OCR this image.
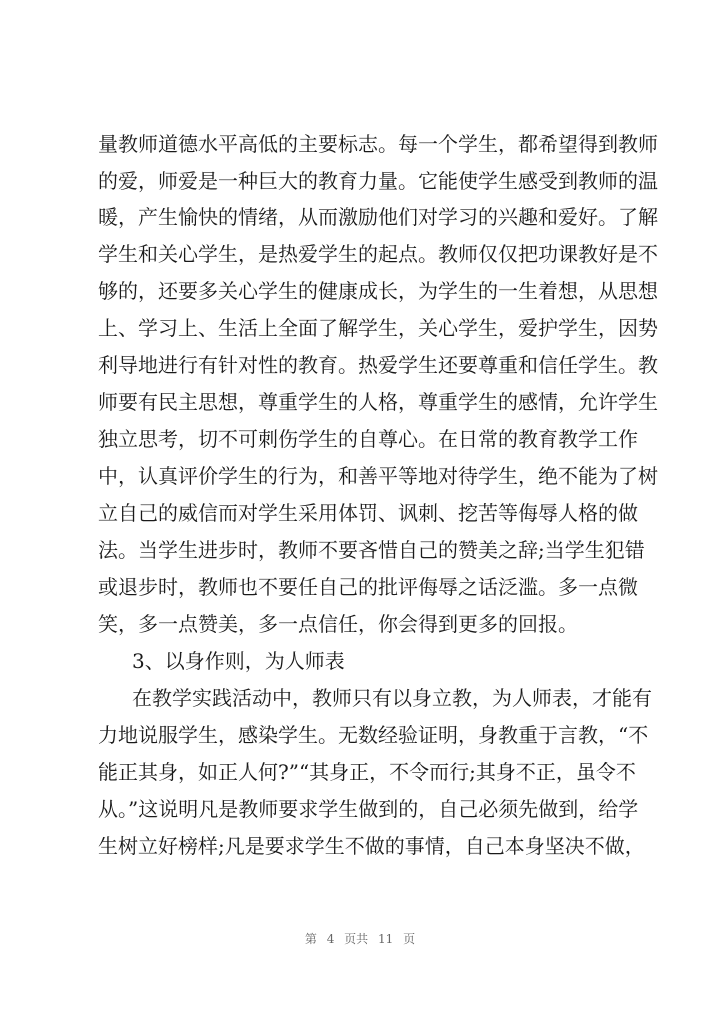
量教师道德水平高低的主要标志。每一个学生，都希望得到教师
的爱，师爱是一种巨大的教育力量。它能使学生感受到教师的温
暖，产生愉快的情绪，从而激励他们对学习的兴趣和爱好。了解
学生和关心学生，是热爱学生的起点。教师仅仅把功课教好是不
够的，还要多关心学生的健康成长，为学生的一生着想，从思想
上、学习上、生活上全面了解学生，关心学生，爱护学生，因势
利导地进行有针对性的教育。热爱学生还要尊重和信任学生。教
师要有民主思想，尊重学生的人格，尊重学生的感情，允许学生
独立思考，切不可刺伤学生的自尊心。在日常的教育教学工作
中，认真评价学生的行为，和善平等地对待学生，绝不能为了树
立自己的威信而对学生采用体罚、讽刺、挖苦等侮辱人格的做
法。当学生进步时，教师不要吝惜自己的赞美之辞;当学生犯错
或退步时，教师也不要任自己的批评侮辱之话泛滥。多一点微
笑，多一点赞美，多一点信任，你会得到更多的回报。
3、以身作则，为人师表
在教学实践活动中，教师只有以身立教，为人师表，才能有
力地说服学生，感染学生。无数经验证明，身教重于言教，“不
能正其身，如正人何?”“其身正，不令而行;其身不正，虽令不
从。”这说明凡是教师要求学生做到的，自己必须先做到，给学
生树立好榜样;凡是要求学生不做的事情，自己本身坚决不做，
第 4 页共 11 页
